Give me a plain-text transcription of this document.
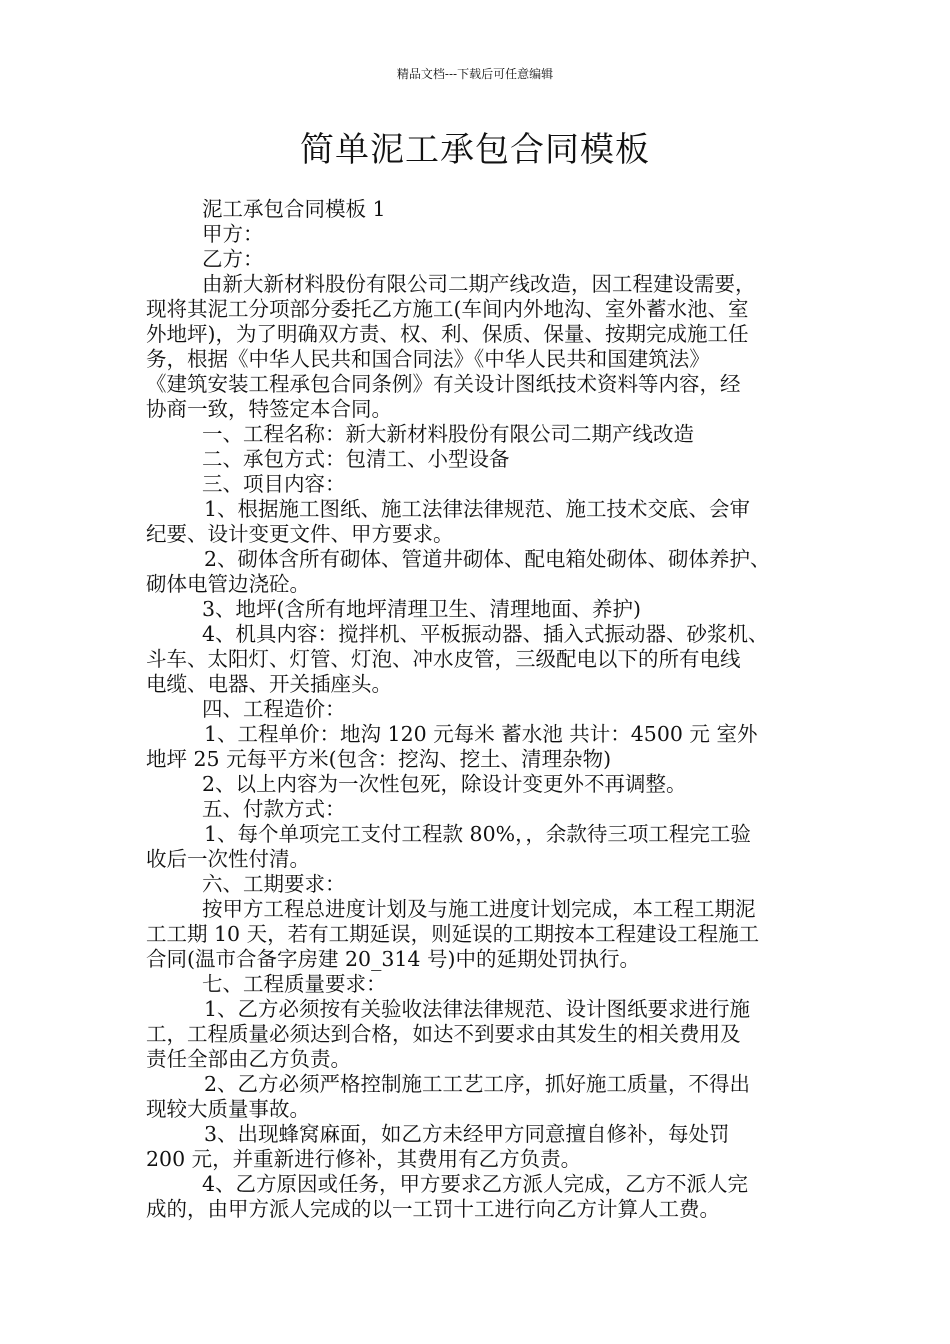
精品文档---下载后可任意编辑
简单泥工承包合同模板
泥工承包合同模板 1
甲方：
乙方：
由新大新材料股份有限公司二期产线改造，因工程建设需要，
现将其泥工分项部分委托乙方施工(车间内外地沟、室外蓄水池、室
外地坪)，为了明确双方责、权、利、保质、保量、按期完成施工任
务，根据《中华人民共和国合同法》《中华人民共和国建筑法》
《建筑安装工程承包合同条例》有关设计图纸技术资料等内容，经
协商一致，特签定本合同。
一、工程名称：新大新材料股份有限公司二期产线改造
二、承包方式：包清工、小型设备
三、项目内容：
1、根据施工图纸、施工法律法律规范、施工技术交底、会审
纪要、设计变更文件、甲方要求。
2、砌体含所有砌体、管道井砌体、配电箱处砌体、砌体养护、
砌体电管边浇砼。
3、地坪(含所有地坪清理卫生、清理地面、养护)
4、机具内容：搅拌机、平板振动器、插入式振动器、砂浆机、
斗车、太阳灯、灯管、灯泡、冲水皮管，三级配电以下的所有电线
电缆、电器、开关插座头。
四、工程造价：
1、工程单价：地沟 120 元每米 蓄水池 共计：4500 元 室外
地坪 25 元每平方米(包含：挖沟、挖土、清理杂物)
2、以上内容为一次性包死，除设计变更外不再调整。
五、付款方式：
1、每个单项完工支付工程款 80%，，余款待三项工程完工验
收后一次性付清。
六、工期要求：
按甲方工程总进度计划及与施工进度计划完成，本工程工期泥
工工期 10 天，若有工期延误，则延误的工期按本工程建设工程施工
合同(温市合备字房建 20_314 号)中的延期处罚执行。
七、工程质量要求：
1、乙方必须按有关验收法律法律规范、设计图纸要求进行施
工，工程质量必须达到合格，如达不到要求由其发生的相关费用及
责任全部由乙方负责。
2、乙方必须严格控制施工工艺工序，抓好施工质量，不得出
现较大质量事故。
3、出现蜂窝麻面，如乙方未经甲方同意擅自修补，每处罚
200 元，并重新进行修补，其费用有乙方负责。
4、乙方原因或任务，甲方要求乙方派人完成，乙方不派人完
成的，由甲方派人完成的以一工罚十工进行向乙方计算人工费。
